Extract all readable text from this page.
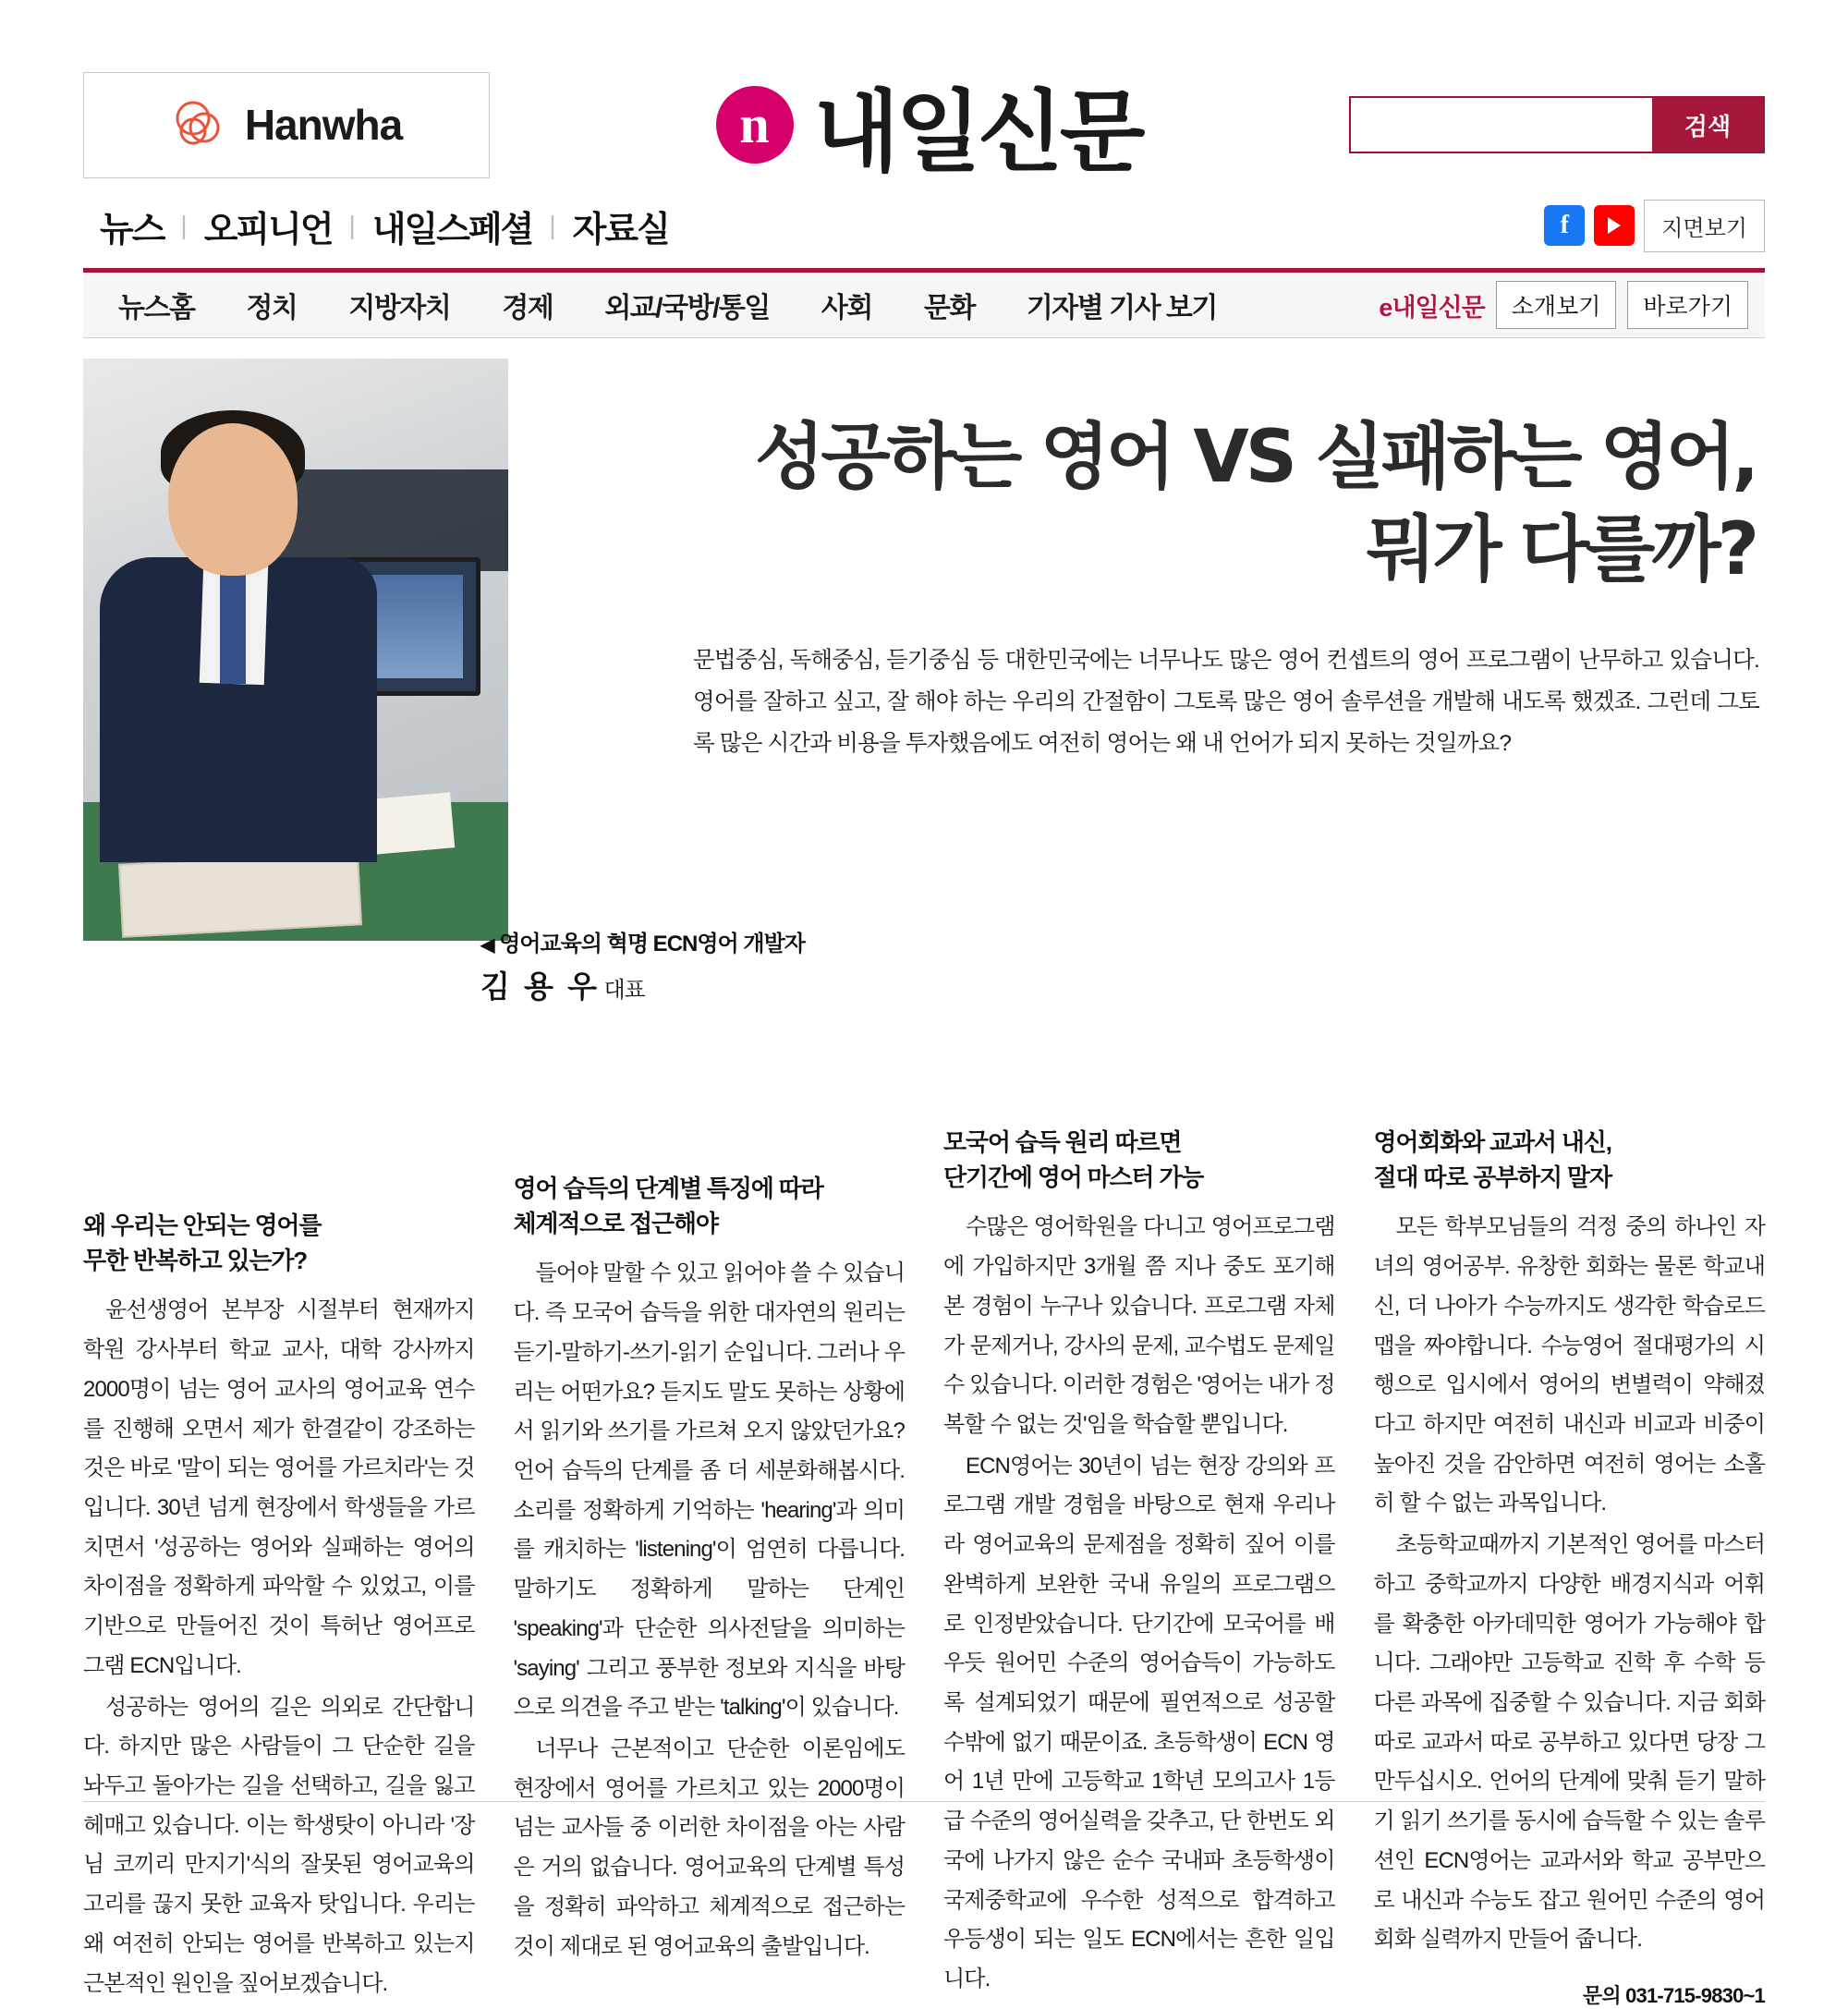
Hanwha	n 내일신문	검색
뉴스 | 오피니언 | 내일스페셜 | 자료실	f	지면보기
뉴스홈	정치	지방자치	경제	외교/국방/통일	사회	문화	기자별 기사 보기	e내일신문	소개보기	바로가기
성공하는 영어 VS 실패하는 영어,
뭐가 다를까?
문법중심, 독해중심, 듣기중심 등 대한민국에는 너무나도 많은 영어 컨셉트의 영어 프로그램이 난무하고 있습니다. 영어를 잘하고 싶고, 잘 해야 하는 우리의 간절함이 그토록 많은 영어 솔루션을 개발해 내도록 했겠죠. 그런데 그토록 많은 시간과 비용을 투자했음에도 여전히 영어는 왜 내 언어가 되지 못하는 것일까요?
◀ 영어교육의 혁명 ECN영어 개발자
김 용 우 대표
왜 우리는 안되는 영어를
무한 반복하고 있는가?

윤선생영어 본부장 시절부터 현재까지 학원 강사부터 학교 교사, 대학 강사까지 2000명이 넘는 영어 교사의 영어교육 연수를 진행해 오면서 제가 한결같이 강조하는 것은 바로 '말이 되는 영어를 가르치라'는 것입니다. 30년 넘게 현장에서 학생들을 가르치면서 '성공하는 영어와 실패하는 영어의 차이점을 정확하게 파악할 수 있었고, 이를 기반으로 만들어진 것이 특허난 영어프로그램 ECN입니다.

성공하는 영어의 길은 의외로 간단합니다. 하지만 많은 사람들이 그 단순한 길을 놔두고 돌아가는 길을 선택하고, 길을 잃고 헤매고 있습니다. 이는 학생탓이 아니라 '장님 코끼리 만지기'식의 잘못된 영어교육의 고리를 끊지 못한 교육자 탓입니다. 우리는 왜 여전히 안되는 영어를 반복하고 있는지 근본적인 원인을 짚어보겠습니다.

영어 습득의 단계별 특징에 따라
체계적으로 접근해야

들어야 말할 수 있고 읽어야 쓸 수 있습니다. 즉 모국어 습득을 위한 대자연의 원리는 듣기-말하기-쓰기-읽기 순입니다. 그러나 우리는 어떤가요? 듣지도 말도 못하는 상황에서 읽기와 쓰기를 가르쳐 오지 않았던가요? 언어 습득의 단계를 좀 더 세분화해봅시다. 소리를 정확하게 기억하는 'hearing'과 의미를 캐치하는 'listening'이 엄연히 다릅니다. 말하기도 정확하게 말하는 단계인 'speaking'과 단순한 의사전달을 의미하는 'saying' 그리고 풍부한 정보와 지식을 바탕으로 의견을 주고 받는 'talking'이 있습니다.

너무나 근본적이고 단순한 이론임에도 현장에서 영어를 가르치고 있는 2000명이 넘는 교사들 중 이러한 차이점을 아는 사람은 거의 없습니다. 영어교육의 단계별 특성을 정확히 파악하고 체계적으로 접근하는 것이 제대로 된 영어교육의 출발입니다.

모국어 습득 원리 따르면
단기간에 영어 마스터 가능

수많은 영어학원을 다니고 영어프로그램에 가입하지만 3개월 쯤 지나 중도 포기해 본 경험이 누구나 있습니다. 프로그램 자체가 문제거나, 강사의 문제, 교수법도 문제일 수 있습니다. 이러한 경험은 '영어는 내가 정복할 수 없는 것'임을 학습할 뿐입니다.

ECN영어는 30년이 넘는 현장 강의와 프로그램 개발 경험을 바탕으로 현재 우리나라 영어교육의 문제점을 정확히 짚어 이를 완벽하게 보완한 국내 유일의 프로그램으로 인정받았습니다. 단기간에 모국어를 배우듯 원어민 수준의 영어습득이 가능하도록 설계되었기 때문에 필연적으로 성공할 수밖에 없기 때문이죠. 초등학생이 ECN 영어 1년 만에 고등학교 1학년 모의고사 1등급 수준의 영어실력을 갖추고, 단 한번도 외국에 나가지 않은 순수 국내파 초등학생이 국제중학교에 우수한 성적으로 합격하고 우등생이 되는 일도 ECN에서는 흔한 일입니다.

영어회화와 교과서 내신,
절대 따로 공부하지 말자

모든 학부모님들의 걱정 중의 하나인 자녀의 영어공부. 유창한 회화는 물론 학교내신, 더 나아가 수능까지도 생각한 학습로드맵을 짜야합니다. 수능영어 절대평가의 시행으로 입시에서 영어의 변별력이 약해졌다고 하지만 여전히 내신과 비교과 비중이 높아진 것을 감안하면 여전히 영어는 소홀히 할 수 없는 과목입니다.

초등학교때까지 기본적인 영어를 마스터하고 중학교까지 다양한 배경지식과 어휘를 확충한 아카데믹한 영어가 가능해야 합니다. 그래야만 고등학교 진학 후 수학 등 다른 과목에 집중할 수 있습니다. 지금 회화 따로 교과서 따로 공부하고 있다면 당장 그만두십시오. 언어의 단계에 맞춰 듣기 말하기 읽기 쓰기를 동시에 습득할 수 있는 솔루션인 ECN영어는 교과서와 학교 공부만으로 내신과 수능도 잡고 원어민 수준의 영어회화 실력까지 만들어 줍니다.

문의 031-715-9830~1
